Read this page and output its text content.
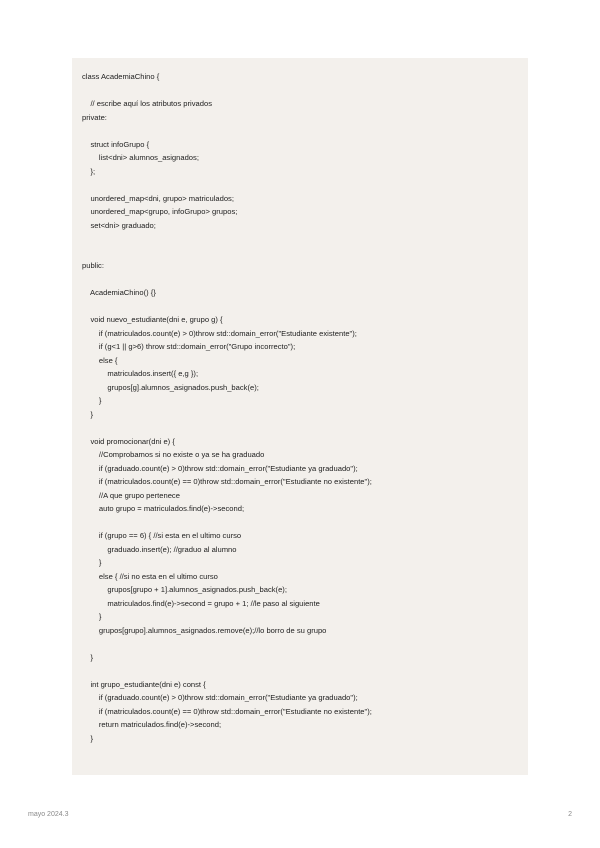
class AcademiaChino {
// escribe aquí los atributos privados
private:
struct infoGrupo {
list<dni> alumnos_asignados;
};
unordered_map<dni, grupo> matriculados;
unordered_map<grupo, infoGrupo> grupos;
set<dni> graduado;
public:
AcademiaChino() {}
void nuevo_estudiante(dni e, grupo g) {
if (matriculados.count(e) > 0)throw std::domain_error("Estudiante existente");
if (g<1 || g>6) throw std::domain_error("Grupo incorrecto");
else {
matriculados.insert({ e,g });
grupos[g].alumnos_asignados.push_back(e);
}
}
void promocionar(dni e) {
//Comprobamos si no existe o ya se ha graduado
if (graduado.count(e) > 0)throw std::domain_error("Estudiante ya graduado");
if (matriculados.count(e) == 0)throw std::domain_error("Estudiante no existente");
//A que grupo pertenece
auto grupo = matriculados.find(e)->second;
if (grupo == 6) { //si esta en el ultimo curso
graduado.insert(e); //graduo al alumno
}
else { //si no esta en el ultimo curso
grupos[grupo + 1].alumnos_asignados.push_back(e);
matriculados.find(e)->second = grupo + 1; //le paso al siguiente
}
grupos[grupo].alumnos_asignados.remove(e);//lo borro de su grupo
}
int grupo_estudiante(dni e) const {
if (graduado.count(e) > 0)throw std::domain_error("Estudiante ya graduado");
if (matriculados.count(e) == 0)throw std::domain_error("Estudiante no existente");
return matriculados.find(e)->second;
}
mayo 2024.3	2
